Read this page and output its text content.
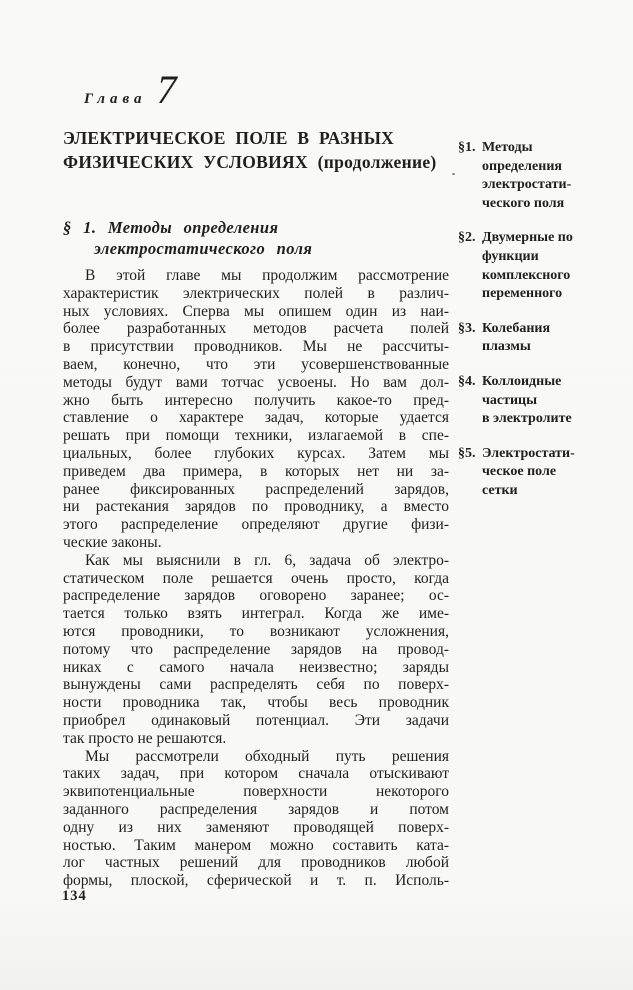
Глава 7
ЭЛЕКТРИЧЕСКОЕ ПОЛЕ В РАЗНЫХ
ФИЗИЧЕСКИХ УСЛОВИЯХ (продолжение)
§ 1. Методы определения
электростатического поля
В этой главе мы продолжим рассмотрение
характеристик электрических полей в различ-
ных условиях. Сперва мы опишем один из наи-
более разработанных методов расчета полей
в присутствии проводников. Мы не рассчиты-
ваем, конечно, что эти усовершенствованные
методы будут вами тотчас усвоены. Но вам дол-
жно быть интересно получить какое-то пред-
ставление о характере задач, которые удается
решать при помощи техники, излагаемой в спе-
циальных, более глубоких курсах. Затем мы
приведем два примера, в которых нет ни за-
ранее фиксированных распределений зарядов,
ни растекания зарядов по проводнику, а вместо
этого распределение определяют другие физи-
ческие законы.
Как мы выяснили в гл. 6, задача об электро-
статическом поле решается очень просто, когда
распределение зарядов оговорено заранее; ос-
тается только взять интеграл. Когда же име-
ются проводники, то возникают усложнения,
потому что распределение зарядов на провод-
никах с самого начала неизвестно; заряды
вынуждены сами распределять себя по поверх-
ности проводника так, чтобы весь проводник
приобрел одинаковый потенциал. Эти задачи
так просто не решаются.
Мы рассмотрели обходный путь решения
таких задач, при котором сначала отыскивают
эквипотенциальные поверхности некоторого
заданного распределения зарядов и потом
одну из них заменяют проводящей поверх-
ностью. Таким манером можно составить ката-
лог частных решений для проводников любой
формы, плоской, сферической и т. п. Исполь-
§1. Методы
определения
электростати-
ческого поля
§2. Двумерные по
функции
комплексного
переменного
§3. Колебания
плазмы
§4. Коллоидные
частицы
в электролите
§5. Электростати-
ческое поле
сетки
134
